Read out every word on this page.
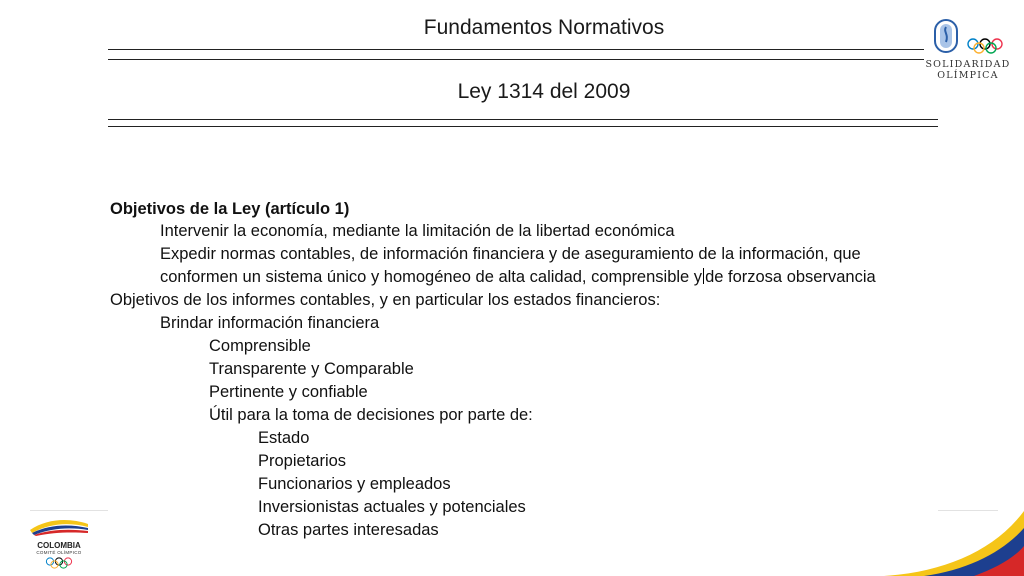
Fundamentos Normativos
Ley 1314 del 2009

SOLIDARIDAD
OLÍMPICA
Objetivos de la Ley (artículo 1)
Intervenir la economía, mediante la limitación de la libertad económica
Expedir normas contables, de información financiera y de aseguramiento de la información, que
conformen un sistema único y homogéneo de alta calidad, comprensible y de forzosa observancia
Objetivos de los informes contables, y en particular los estados financieros:
Brindar información financiera
Comprensible
Transparente y Comparable
Pertinente y confiable
Útil para la toma de decisiones por parte de:
Estado
Propietarios
Funcionarios y empleados
Inversionistas actuales y potenciales
Otras partes interesadas
COLOMBIA
COMITÉ OLÍMPICO
